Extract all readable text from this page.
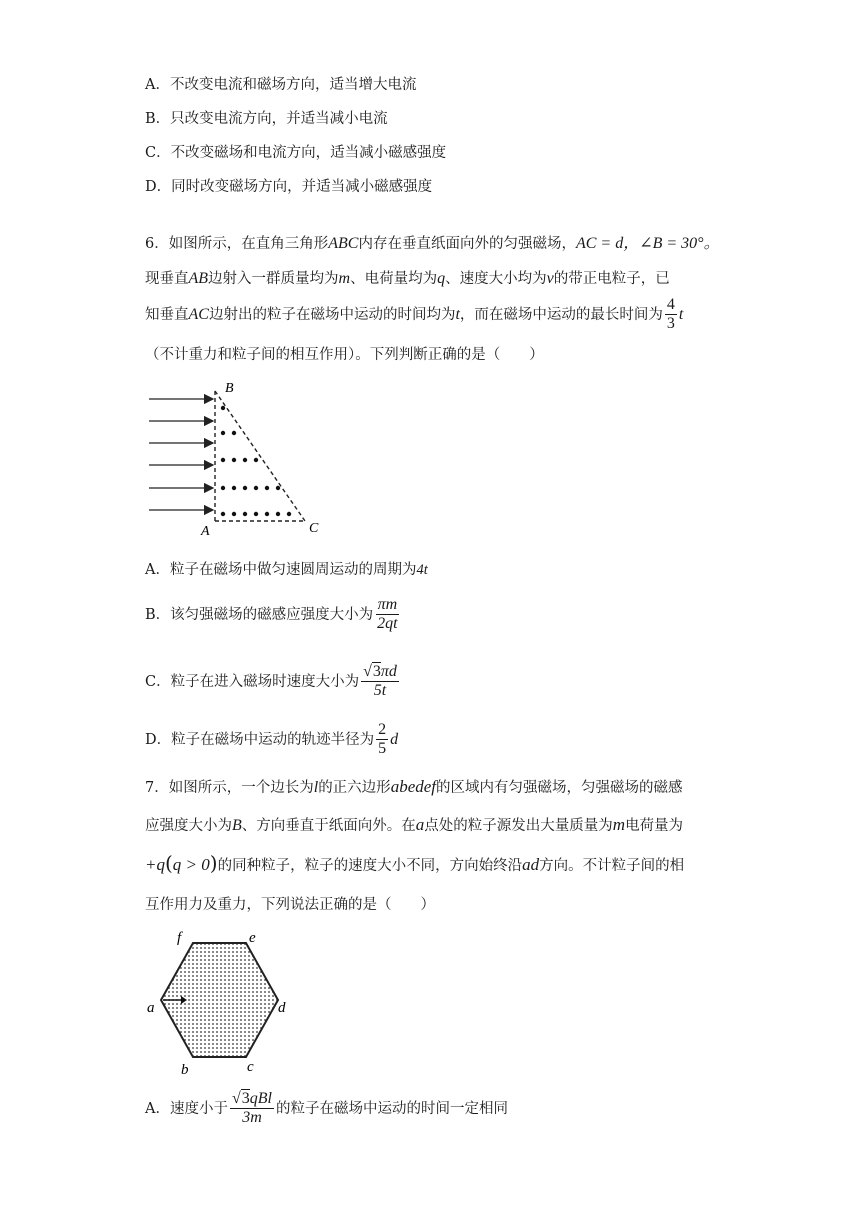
A．不改变电流和磁场方向，适当增大电流
B．只改变电流方向，并适当减小电流
C．不改变磁场和电流方向，适当减小磁感强度
D．同时改变磁场方向，并适当减小磁感强度
6．如图所示，在直角三角形ABC内存在垂直纸面向外的匀强磁场，AC = d，∠B = 30°。
现垂直AB边射入一群质量均为m、电荷量均为q、速度大小均为v的带正电粒子，已
知垂直AC边射出的粒子在磁场中运动的时间均为t，而在磁场中运动的最长时间为 $\frac{4}{3}$ t
（不计重力和粒子间的相互作用）。下列判断正确的是（　　）
B
A	C
A．粒子在磁场中做匀速圆周运动的周期为4t
B．该匀强磁场的磁感应强度大小为 $\frac{\pi m}{2qt}$
C．粒子在进入磁场时速度大小为 $\frac{√3\pi d}{5t}$
D．粒子在磁场中运动的轨迹半径为 $\frac{2}{5}$ d
7．如图所示，一个边长为l的正六边形abedef的区域内有匀强磁场，匀强磁场的磁感
应强度大小为B、方向垂直于纸面向外。在a点处的粒子源发出大量质量为m电荷量为
+q(q > 0)的同种粒子，粒子的速度大小不同，方向始终沿ad方向。不计粒子间的相
互作用力及重力，下列说法正确的是（　　）
f	e
a	d
b	c
A．速度小于 $\frac{\text{√3qBl}}{3m}$ 的粒子在磁场中运动的时间一定相同
